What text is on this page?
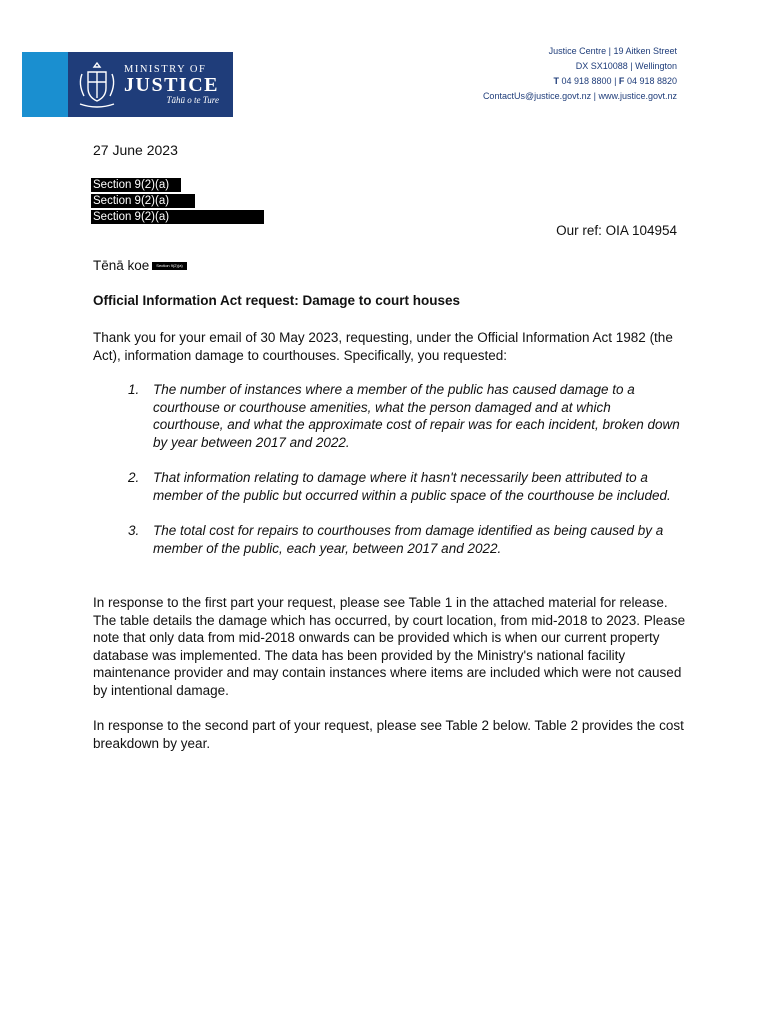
MINISTRY OF
JUSTICE
Tāhū o te Ture
Justice Centre | 19 Aitken Street
DX SX10088 | Wellington
T 04 918 8800 | F 04 918 8820
ContactUs@justice.govt.nz | www.justice.govt.nz
27 June 2023
Section 9(2)(a)
Section 9(2)(a)
Section 9(2)(a)
Our ref: OIA 104954
Tēnā koe Section 9(2)(a)
Official Information Act request: Damage to court houses

Thank you for your email of 30 May 2023, requesting, under the Official Information Act 1982 (the Act), information damage to courthouses. Specifically, you requested:

1.	The number of instances where a member of the public has caused damage to a courthouse or courthouse amenities, what the person damaged and at which courthouse, and what the approximate cost of repair was for each incident, broken down by year between 2017 and 2022.
2.	That information relating to damage where it hasn't necessarily been attributed to a member of the public but occurred within a public space of the courthouse be included.
3.	The total cost for repairs to courthouses from damage identified as being caused by a member of the public, each year, between 2017 and 2022.

In response to the first part your request, please see Table 1 in the attached material for release. The table details the damage which has occurred, by court location, from mid-2018 to 2023. Please note that only data from mid-2018 onwards can be provided which is when our current property database was implemented. The data has been provided by the Ministry's national facility maintenance provider and may contain instances where items are included which were not caused by intentional damage.

In response to the second part of your request, please see Table 2 below. Table 2 provides the cost breakdown by year.
